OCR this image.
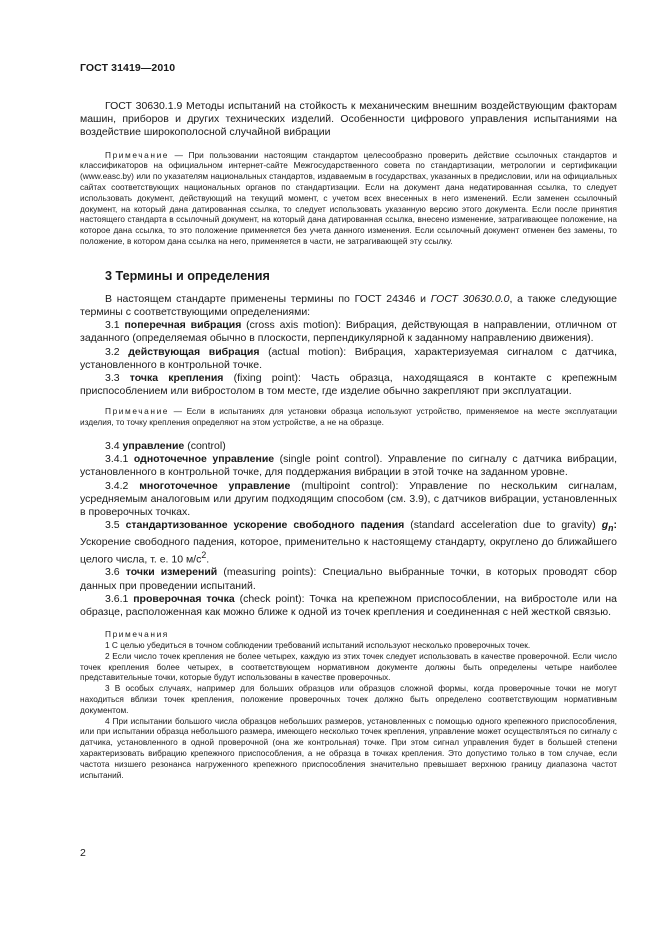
ГОСТ 31419—2010

ГОСТ 30630.1.9 Методы испытаний на стойкость к механическим внешним воздействующим факторам машин, приборов и других технических изделий. Особенности цифрового управления испытаниями на воздействие широкополосной случайной вибрации

Примечание — При пользовании настоящим стандартом целесообразно проверить действие ссылочных стандартов и классификаторов на официальном интернет-сайте Межгосударственного совета по стандартизации, метрологии и сертификации (www.easc.by) или по указателям национальных стандартов, издаваемым в государствах, указанных в предисловии, или на официальных сайтах соответствующих национальных органов по стандартизации. Если на документ дана недатированная ссылка, то следует использовать документ, действующий на текущий момент, с учетом всех внесенных в него изменений. Если заменен ссылочный документ, на который дана датированная ссылка, то следует использовать указанную версию этого документа. Если после принятия настоящего стандарта в ссылочный документ, на который дана датированная ссылка, внесено изменение, затрагивающее положение, на которое дана ссылка, то это положение применяется без учета данного изменения. Если ссылочный документ отменен без замены, то положение, в котором дана ссылка на него, применяется в части, не затрагивающей эту ссылку.

3 Термины и определения

В настоящем стандарте применены термины по ГОСТ 24346 и ГОСТ 30630.0.0, а также следующие термины с соответствующими определениями:

3.1 поперечная вибрация (cross axis motion): Вибрация, действующая в направлении, отличном от заданного (определяемая обычно в плоскости, перпендикулярной к заданному направлению движения).

3.2 действующая вибрация (actual motion): Вибрация, характеризуемая сигналом с датчика, установленного в контрольной точке.

3.3 точка крепления (fixing point): Часть образца, находящаяся в контакте с крепежным приспособлением или вибростолом в том месте, где изделие обычно закрепляют при эксплуатации.

Примечание — Если в испытаниях для установки образца используют устройство, применяемое на месте эксплуатации изделия, то точку крепления определяют на этом устройстве, а не на образце.

3.4 управление (control)

3.4.1 одноточечное управление (single point control). Управление по сигналу с датчика вибрации, установленного в контрольной точке, для поддержания вибрации в этой точке на заданном уровне.

3.4.2 многоточечное управление (multipoint control): Управление по нескольким сигналам, усредняемым аналоговым или другим подходящим способом (см. 3.9), с датчиков вибрации, установленных в проверочных точках.

3.5 стандартизованное ускорение свободного падения (standard acceleration due to gravity) $g_n$: Ускорение свободного падения, которое, применительно к настоящему стандарту, округлено до ближайшего целого числа, т. е. 10 $м/с^2$.

3.6 точки измерений (measuring points): Специально выбранные точки, в которых проводят сбор данных при проведении испытаний.

3.6.1 проверочная точка (check point): Точка на крепежном приспособлении, на вибростоле или на образце, расположенная как можно ближе к одной из точек крепления и соединенная с ней жесткой связью.

Примечания

1 С целью убедиться в точном соблюдении требований испытаний используют несколько проверочных точек.

2 Если число точек крепления не более четырех, каждую из этих точек следует использовать в качестве проверочной. Если число точек крепления более четырех, в соответствующем нормативном документе должны быть определены четыре наиболее представительные точки, которые будут использованы в качестве проверочных.

3 В особых случаях, например для больших образцов или образцов сложной формы, когда проверочные точки не могут находиться вблизи точек крепления, положение проверочных точек должно быть определено соответствующим нормативным документом.

4 При испытании большого числа образцов небольших размеров, установленных с помощью одного крепежного приспособления, или при испытании образца небольшого размера, имеющего несколько точек крепления, управление может осуществляться по сигналу с датчика, установленного в одной проверочной (она же контрольная) точке. При этом сигнал управления будет в большей степени характеризовать вибрацию крепежного приспособления, а не образца в точках крепления. Это допустимо только в том случае, если частота низшего резонанса нагруженного крепежного приспособления значительно превышает верхнюю границу диапазона частот испытаний.

2
